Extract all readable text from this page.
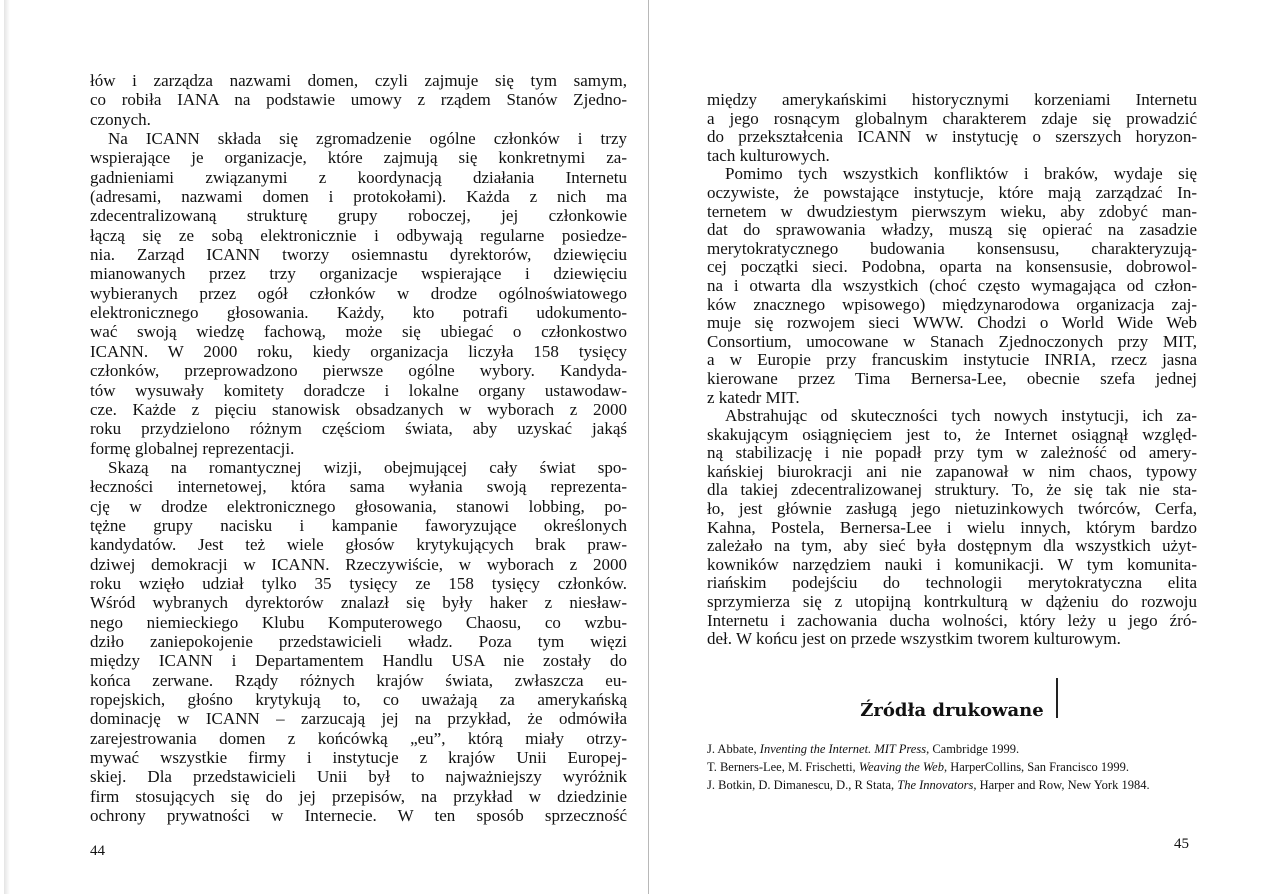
łów i zarządza nazwami domen, czyli zajmuje się tym samym,
co robiła IANA na podstawie umowy z rządem Stanów Zjedno-
czonych.
Na ICANN składa się zgromadzenie ogólne członków i trzy
wspierające je organizacje, które zajmują się konkretnymi za-
gadnieniami związanymi z koordynacją działania Internetu
(adresami, nazwami domen i protokołami). Każda z nich ma
zdecentralizowaną strukturę grupy roboczej, jej członkowie
łączą się ze sobą elektronicznie i odbywają regularne posiedze-
nia. Zarząd ICANN tworzy osiemnastu dyrektorów, dziewięciu
mianowanych przez trzy organizacje wspierające i dziewięciu
wybieranych przez ogół członków w drodze ogólnoświatowego
elektronicznego głosowania. Każdy, kto potrafi udokumento-
wać swoją wiedzę fachową, może się ubiegać o członkostwo
ICANN. W 2000 roku, kiedy organizacja liczyła 158 tysięcy
członków, przeprowadzono pierwsze ogólne wybory. Kandyda-
tów wysuwały komitety doradcze i lokalne organy ustawodaw-
cze. Każde z pięciu stanowisk obsadzanych w wyborach z 2000
roku przydzielono różnym częściom świata, aby uzyskać jakąś
formę globalnej reprezentacji.
Skazą na romantycznej wizji, obejmującej cały świat spo-
łeczności internetowej, która sama wyłania swoją reprezenta-
cję w drodze elektronicznego głosowania, stanowi lobbing, po-
tężne grupy nacisku i kampanie faworyzujące określonych
kandydatów. Jest też wiele głosów krytykujących brak praw-
dziwej demokracji w ICANN. Rzeczywiście, w wyborach z 2000
roku wzięło udział tylko 35 tysięcy ze 158 tysięcy członków.
Wśród wybranych dyrektorów znalazł się były haker z niesław-
nego niemieckiego Klubu Komputerowego Chaosu, co wzbu-
dziło zaniepokojenie przedstawicieli władz. Poza tym więzi
między ICANN i Departamentem Handlu USA nie zostały do
końca zerwane. Rządy różnych krajów świata, zwłaszcza eu-
ropejskich, głośno krytykują to, co uważają za amerykańską
dominację w ICANN – zarzucają jej na przykład, że odmówiła
zarejestrowania domen z końcówką „eu”, którą miały otrzy-
mywać wszystkie firmy i instytucje z krajów Unii Europej-
skiej. Dla przedstawicieli Unii był to najważniejszy wyróżnik
firm stosujących się do jej przepisów, na przykład w dziedzinie
ochrony prywatności w Internecie. W ten sposób sprzeczność
44
między amerykańskimi historycznymi korzeniami Internetu
a jego rosnącym globalnym charakterem zdaje się prowadzić
do przekształcenia ICANN w instytucję o szerszych horyzon-
tach kulturowych.
Pomimo tych wszystkich konfliktów i braków, wydaje się
oczywiste, że powstające instytucje, które mają zarządzać In-
ternetem w dwudziestym pierwszym wieku, aby zdobyć man-
dat do sprawowania władzy, muszą się opierać na zasadzie
merytokratycznego budowania konsensusu, charakteryzują-
cej początki sieci. Podobna, oparta na konsensusie, dobrowol-
na i otwarta dla wszystkich (choć często wymagająca od człon-
ków znacznego wpisowego) międzynarodowa organizacja zaj-
muje się rozwojem sieci WWW. Chodzi o World Wide Web
Consortium, umocowane w Stanach Zjednoczonych przy MIT,
a w Europie przy francuskim instytucie INRIA, rzecz jasna
kierowane przez Tima Bernersa-Lee, obecnie szefa jednej
z katedr MIT.
Abstrahując od skuteczności tych nowych instytucji, ich za-
skakującym osiągnięciem jest to, że Internet osiągnął względ-
ną stabilizację i nie popadł przy tym w zależność od amery-
kańskiej biurokracji ani nie zapanował w nim chaos, typowy
dla takiej zdecentralizowanej struktury. To, że się tak nie sta-
ło, jest głównie zasługą jego nietuzinkowych twórców, Cerfa,
Kahna, Postela, Bernersa-Lee i wielu innych, którym bardzo
zależało na tym, aby sieć była dostępnym dla wszystkich użyt-
kowników narzędziem nauki i komunikacji. W tym komunita-
riańskim podejściu do technologii merytokratyczna elita
sprzymierza się z utopijną kontrkulturą w dążeniu do rozwoju
Internetu i zachowania ducha wolności, który leży u jego źró-
deł. W końcu jest on przede wszystkim tworem kulturowym.
Źródła drukowane
J. Abbate, Inventing the Internet. MIT Press, Cambridge 1999.
T. Berners-Lee, M. Frischetti, Weaving the Web, HarperCollins, San Francisco 1999.
J. Botkin, D. Dimanescu, D., R Stata, The Innovators, Harper and Row, New York 1984.
45
